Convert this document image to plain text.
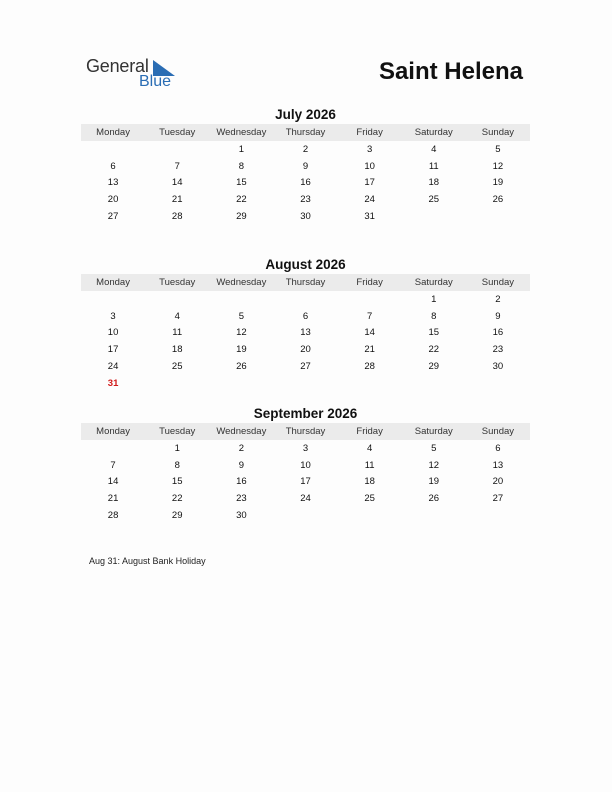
General
Blue	Saint Helena
July 2026
Monday	Tuesday	Wednesday	Thursday	Friday	Saturday	Sunday
		1	2	3	4	5
6	7	8	9	10	11	12
13	14	15	16	17	18	19
20	21	22	23	24	25	26
27	28	29	30	31		
August 2026
Monday	Tuesday	Wednesday	Thursday	Friday	Saturday	Sunday
					1	2
3	4	5	6	7	8	9
10	11	12	13	14	15	16
17	18	19	20	21	22	23
24	25	26	27	28	29	30
31						
September 2026
Monday	Tuesday	Wednesday	Thursday	Friday	Saturday	Sunday
	1	2	3	4	5	6
7	8	9	10	11	12	13
14	15	16	17	18	19	20
21	22	23	24	25	26	27
28	29	30				
Aug 31: August Bank Holiday
